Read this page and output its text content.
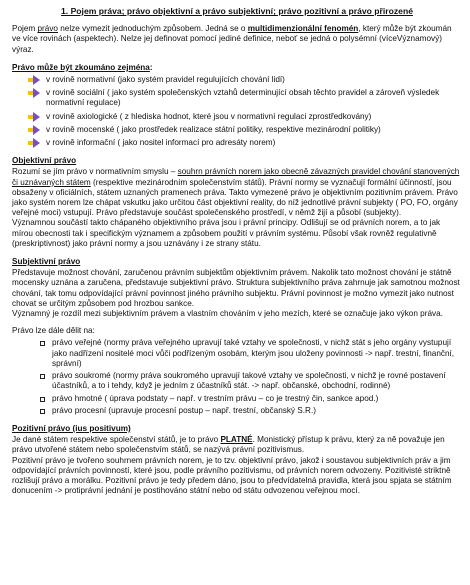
1. Pojem práva; právo objektivní a právo subjektivní; právo pozitivní a právo přirozené

Pojem právo nelze vymezit jednoduchým způsobem. Jedná se o multidimenzionální fenomén, který může být zkoumán ve více rovinách (aspektech). Nelze jej definovat pomocí jediné definice, neboť se jedná o polysémní (víceVýznamový) výraz.

Právo může být zkoumáno zejména:
v rovině normativní (jako systém pravidel regulujících chování lidí)
v rovině sociální ( jako systém společenských vztahů determinující obsah těchto pravidel a zároveň výsledek normativní regulace)
v rovině axiologické ( z hlediska hodnot, které jsou v normativní regulaci zprostředkovány)
v rovině mocenské ( jako prostředek realizace státní politiky, respektive mezinárodní politiky)
v rovině informační ( jako nositel informací pro adresáty norem)
Objektivní právo

Rozumí se jím právo v normativním smyslu – souhrn právních norem jako obecně závazných pravidel chování stanovených či uznávaných státem (respektive mezinárodním společenstvím států). Právní normy se vyznačují formální účinností, jsou obsaženy v oficiálních, státem uznaných pramenech práva. Takto vymezené právo je objektivním pozitivním právem. Právo jako systém norem lze chápat vskutku jako určitou část objektivní reality, do níž jednotlivé právní subjekty ( PO, FO, orgány veřejné moci) vstupují. Právo představuje součást společenského prostředí, v němž žijí a působí (subjekty).

Významnou součástí takto chápaného objektivního práva jsou i právní principy. Odlišují se od právních norem, a to jak mírou obecnosti tak i specifickým významem a způsobem použití v právním systému. Působí však rovněž regulativně (preskriptivnost) jako právní normy a jsou uznávány i ze strany státu.

Subjektivní právo

Představuje možnost chování, zaručenou právním subjektům objektivním právem. Nakolik tato možnost chování je státně mocensky uznána a zaručena, představuje subjektivní právo. Struktura subjektivního práva zahrnuje jak samotnou možnost chování, tak tomu odpovídající právní povinnost jiného právního subjektu. Právní povinnost je možno vymezit jako nutnost chovat se určitým způsobem pod hrozbou sankce.

Významný je rozdíl mezi subjektivním právem a vlastním chováním v jeho mezích, které se označuje jako výkon práva.

Právo lze dále dělit na:

právo veřejné (normy práva veřejného upravují také vztahy ve společnosti, v nichž stát s jeho orgány vystupují jako nadřízení nositelé moci vůči podřízeným osobám, kterým jsou uloženy povinnosti -> např. trestní, finanční, správní)
právo soukromé (normy práva soukromého upravují takové vztahy ve společnosti, v nichž je rovné postavení účastníků, a to i tehdy, když je jedním z účastníků stát. -> např. občanské, obchodní, rodinné)
právo hmotné ( úprava podstaty – např. v trestním právu – co je trestný čin, sankce apod.)
právo procesní (upravuje procesní postup – např. trestní, občanský S.R.)
Pozitivní právo (ius positivum)

Je dané státem respektive společenství států, je to právo PLATNÉ. Monistický přístup k právu, který za ně považuje jen právo utvořené státem nebo společenstvím států, se nazývá právní pozitivismus.

Pozitivní právo je tvořeno souhrnem právních norem, je to tzv. objektivní právo, jakož i soustavou subjektivních práv a jim odpovídající právních povinností, které jsou, podle právního pozitivismu, od právních norem odvozeny. Pozitivisté striktně rozlišují právo a morálku. Pozitivní právo je tedy předem dáno, jsou to předvídatelná pravidla, která jsou spjata se státním donucením -> protiprávní jednání je postihováno státní nebo od státu odvozenou veřejnou mocí.
